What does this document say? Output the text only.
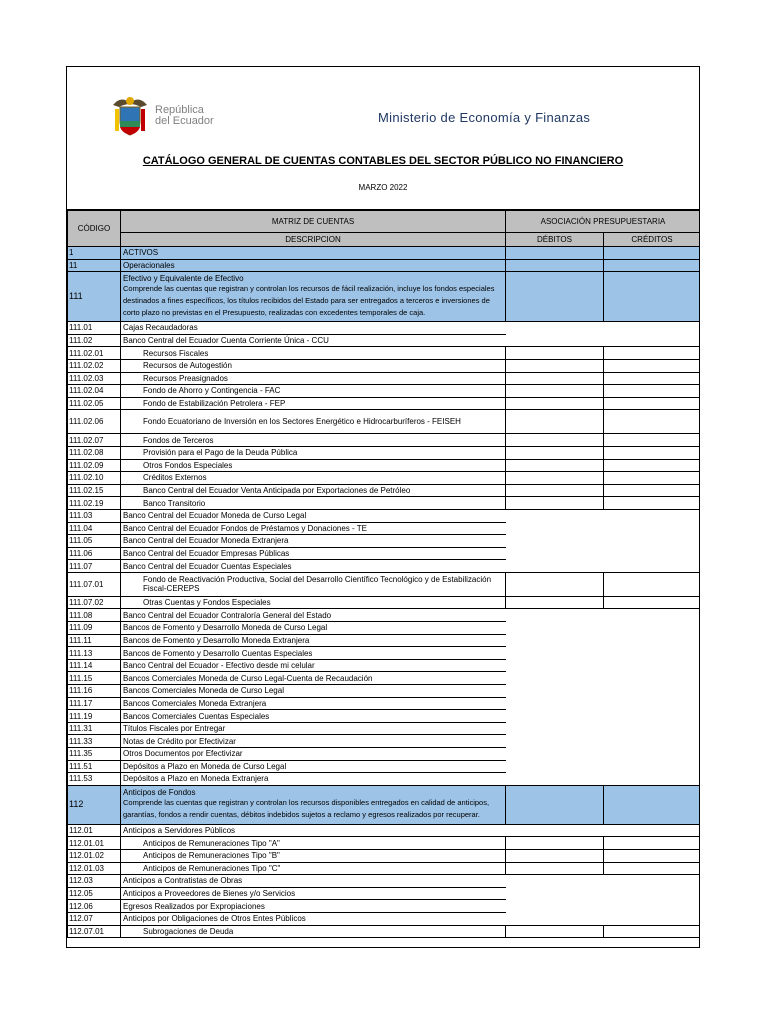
República
del Ecuador	Ministerio de Economía y Finanzas
CATÁLOGO GENERAL DE CUENTAS CONTABLES DEL SECTOR PÚBLICO NO FINANCIERO
MARZO 2022
CÓDIGO	MATRIZ DE CUENTAS	ASOCIACIÓN PRESUPUESTARIA	
	DESCRIPCION	DÉBITOS	CRÉDITOS
1	ACTIVOS		
11	Operacionales		
111	Efectivo y Equivalente de Efectivo
Comprende las cuentas que registran y controlan los recursos de fácil realización, incluye los fondos especiales destinados a fines específicos, los títulos recibidos del Estado para ser entregados a terceros e inversiones de corto plazo no previstas en el Presupuesto, realizadas con excedentes temporales de caja.		

111.01	Cajas Recaudadoras		
111.02	Banco Central del Ecuador Cuenta Corriente Única - CCU		
111.02.01	Recursos Fiscales		
111.02.02	Recursos de Autogestión		
111.02.03	Recursos Preasignados		
111.02.04	Fondo de Ahorro y Contingencia - FAC		
111.02.05	Fondo de Estabilización Petrolera - FEP		
111.02.06	Fondo Ecuatoriano de Inversión en los Sectores Energético e Hidrocarburíferos - FEISEH		
111.02.07	Fondos de Terceros		
111.02.08	Provisión para el Pago de la Deuda Pública		
111.02.09	Otros Fondos Especiales		
111.02.10	Créditos Externos		
111.02.15	Banco Central del Ecuador Venta Anticipada por Exportaciones de Petróleo		
111.02.19	Banco Transitorio		
111.03	Banco Central del Ecuador Moneda de Curso Legal		
111.04	Banco Central del Ecuador Fondos de Préstamos y Donaciones - TE		
111.05	Banco Central del Ecuador Moneda Extranjera		
111.06	Banco Central del Ecuador Empresas Públicas		
111.07	Banco Central del Ecuador Cuentas Especiales		
111.07.01	Fondo de Reactivación Productiva, Social del Desarrollo Científico Tecnológico y de Estabilización Fiscal-CEREPS		
111.07.02	Otras Cuentas y Fondos Especiales		
111.08	Banco Central del Ecuador Contraloría General del Estado		
111.09	Bancos de Fomento y Desarrollo Moneda de Curso Legal		
111.11	Bancos de Fomento y Desarrollo Moneda Extranjera		
111.13	Bancos de Fomento y Desarrollo Cuentas Especiales		
111.14	Banco Central del Ecuador - Efectivo desde mi celular		
111.15	Bancos Comerciales Moneda de Curso Legal-Cuenta de Recaudación		
111.16	Bancos Comerciales Moneda de Curso Legal		
111.17	Bancos Comerciales Moneda Extranjera		
111.19	Bancos Comerciales Cuentas Especiales		
111.31	Títulos Fiscales por Entregar		
111.33	Notas de Crédito por Efectivizar		
111.35	Otros Documentos por Efectivizar		
111.51	Depósitos a Plazo en Moneda de Curso Legal		
111.53	Depósitos a Plazo en Moneda Extranjera		
112	Anticipos de Fondos
Comprende las cuentas que registran y controlan los recursos disponibles entregados en calidad de anticipos, garantías, fondos a rendir cuentas, débitos indebidos sujetos a reclamo y egresos realizados por recuperar.		

112.01	Anticipos a Servidores Públicos		
112.01.01	Anticipos de Remuneraciones Tipo "A"		
112.01.02	Anticipos de Remuneraciones Tipo "B"		
112.01.03	Anticipos de Remuneraciones Tipo "C"		
112.03	Anticipos a Contratistas de Obras		
112.05	Anticipos a Proveedores de Bienes y/o Servicios		
112.06	Egresos Realizados por Expropiaciones		
112.07	Anticipos por Obligaciones de Otros Entes Públicos		
112.07.01	Subrogaciones de Deuda		
